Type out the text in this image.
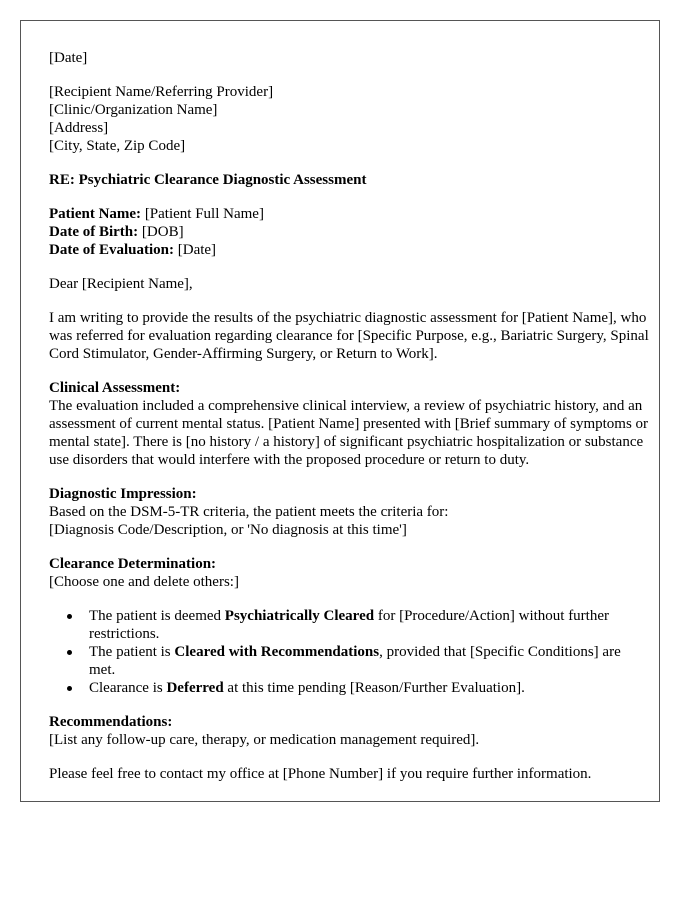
[Date]

[Recipient Name/Referring Provider]

[Clinic/Organization Name]

[Address]

[City, State, Zip Code]

RE: Psychiatric Clearance Diagnostic Assessment

Patient Name: [Patient Full Name]

Date of Birth: [DOB]

Date of Evaluation: [Date]

Dear [Recipient Name],

I am writing to provide the results of the psychiatric diagnostic assessment for [Patient Name], who was referred for evaluation regarding clearance for [Specific Purpose, e.g., Bariatric Surgery, Spinal Cord Stimulator, Gender-Affirming Surgery, or Return to Work].

Clinical Assessment:

The evaluation included a comprehensive clinical interview, a review of psychiatric history, and an assessment of current mental status. [Patient Name] presented with [Brief summary of symptoms or mental state]. There is [no history / a history] of significant psychiatric hospitalization or substance use disorders that would interfere with the proposed procedure or return to duty.

Diagnostic Impression:

Based on the DSM-5-TR criteria, the patient meets the criteria for:

[Diagnosis Code/Description, or 'No diagnosis at this time']

Clearance Determination:

[Choose one and delete others:]

The patient is deemed Psychiatrically Cleared for [Procedure/Action] without further restrictions.
The patient is Cleared with Recommendations, provided that [Specific Conditions] are met.
Clearance is Deferred at this time pending [Reason/Further Evaluation].

Recommendations:

[List any follow-up care, therapy, or medication management required].

Please feel free to contact my office at [Phone Number] if you require further information.
